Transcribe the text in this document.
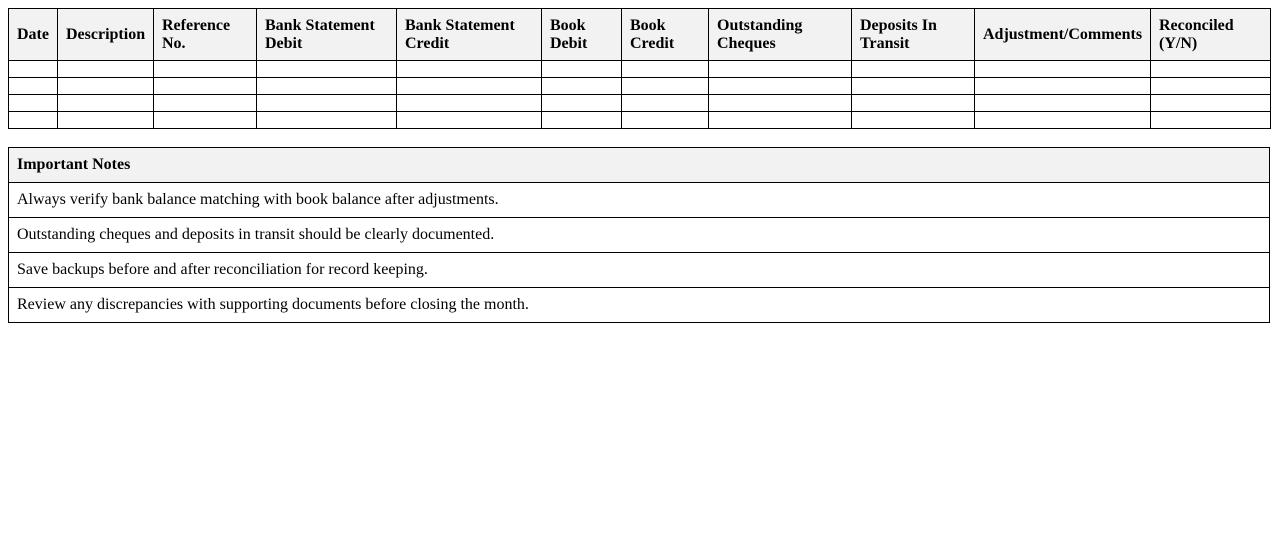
Date	Description	Reference No.	Bank Statement Debit	Bank Statement Credit	Book Debit	Book Credit	Outstanding Cheques	Deposits In Transit	Adjustment/Comments	Reconciled (Y/N)

Important Notes
Always verify bank balance matching with book balance after adjustments.
Outstanding cheques and deposits in transit should be clearly documented.
Save backups before and after reconciliation for record keeping.
Review any discrepancies with supporting documents before closing the month.
